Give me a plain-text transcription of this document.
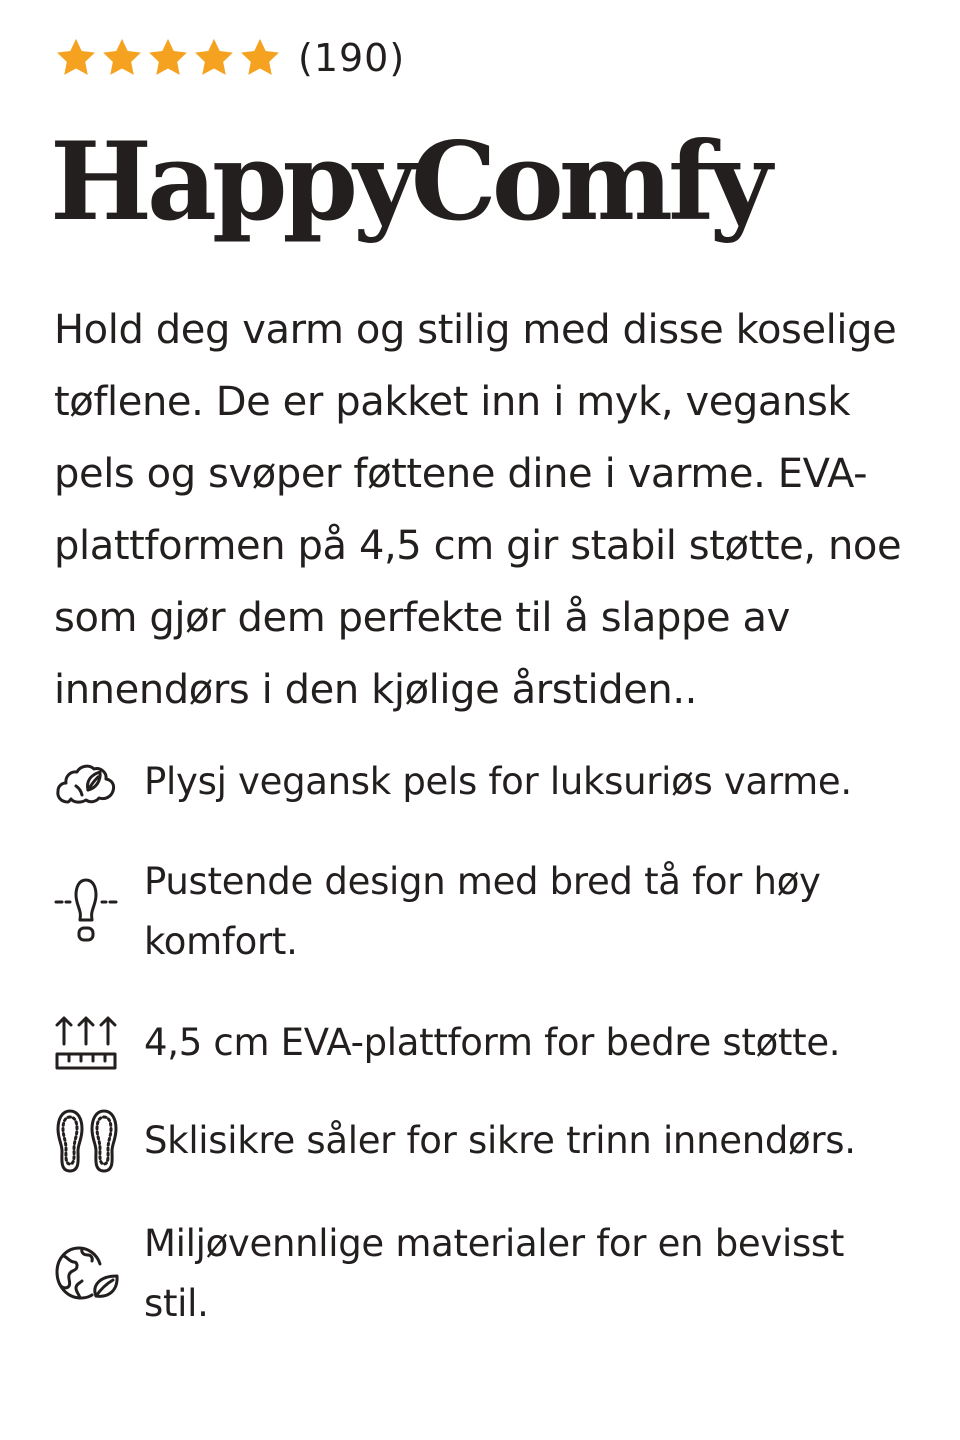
(190)
HappyComfy

Hold deg varm og stilig med disse koselige tøflene. De er pakket inn i myk, vegansk pels og svøper føttene dine i varme. EVA-plattformen på 4,5 cm gir stabil støtte, noe som gjør dem perfekte til å slappe av innendørs i den kjølige årstiden..

Plysj vegansk pels for luksuriøs varme.
Pustende design med bred tå for høy komfort.
4,5 cm EVA-plattform for bedre støtte.
Sklisikre såler for sikre trinn innendørs.
Miljøvennlige materialer for en bevisst stil.
